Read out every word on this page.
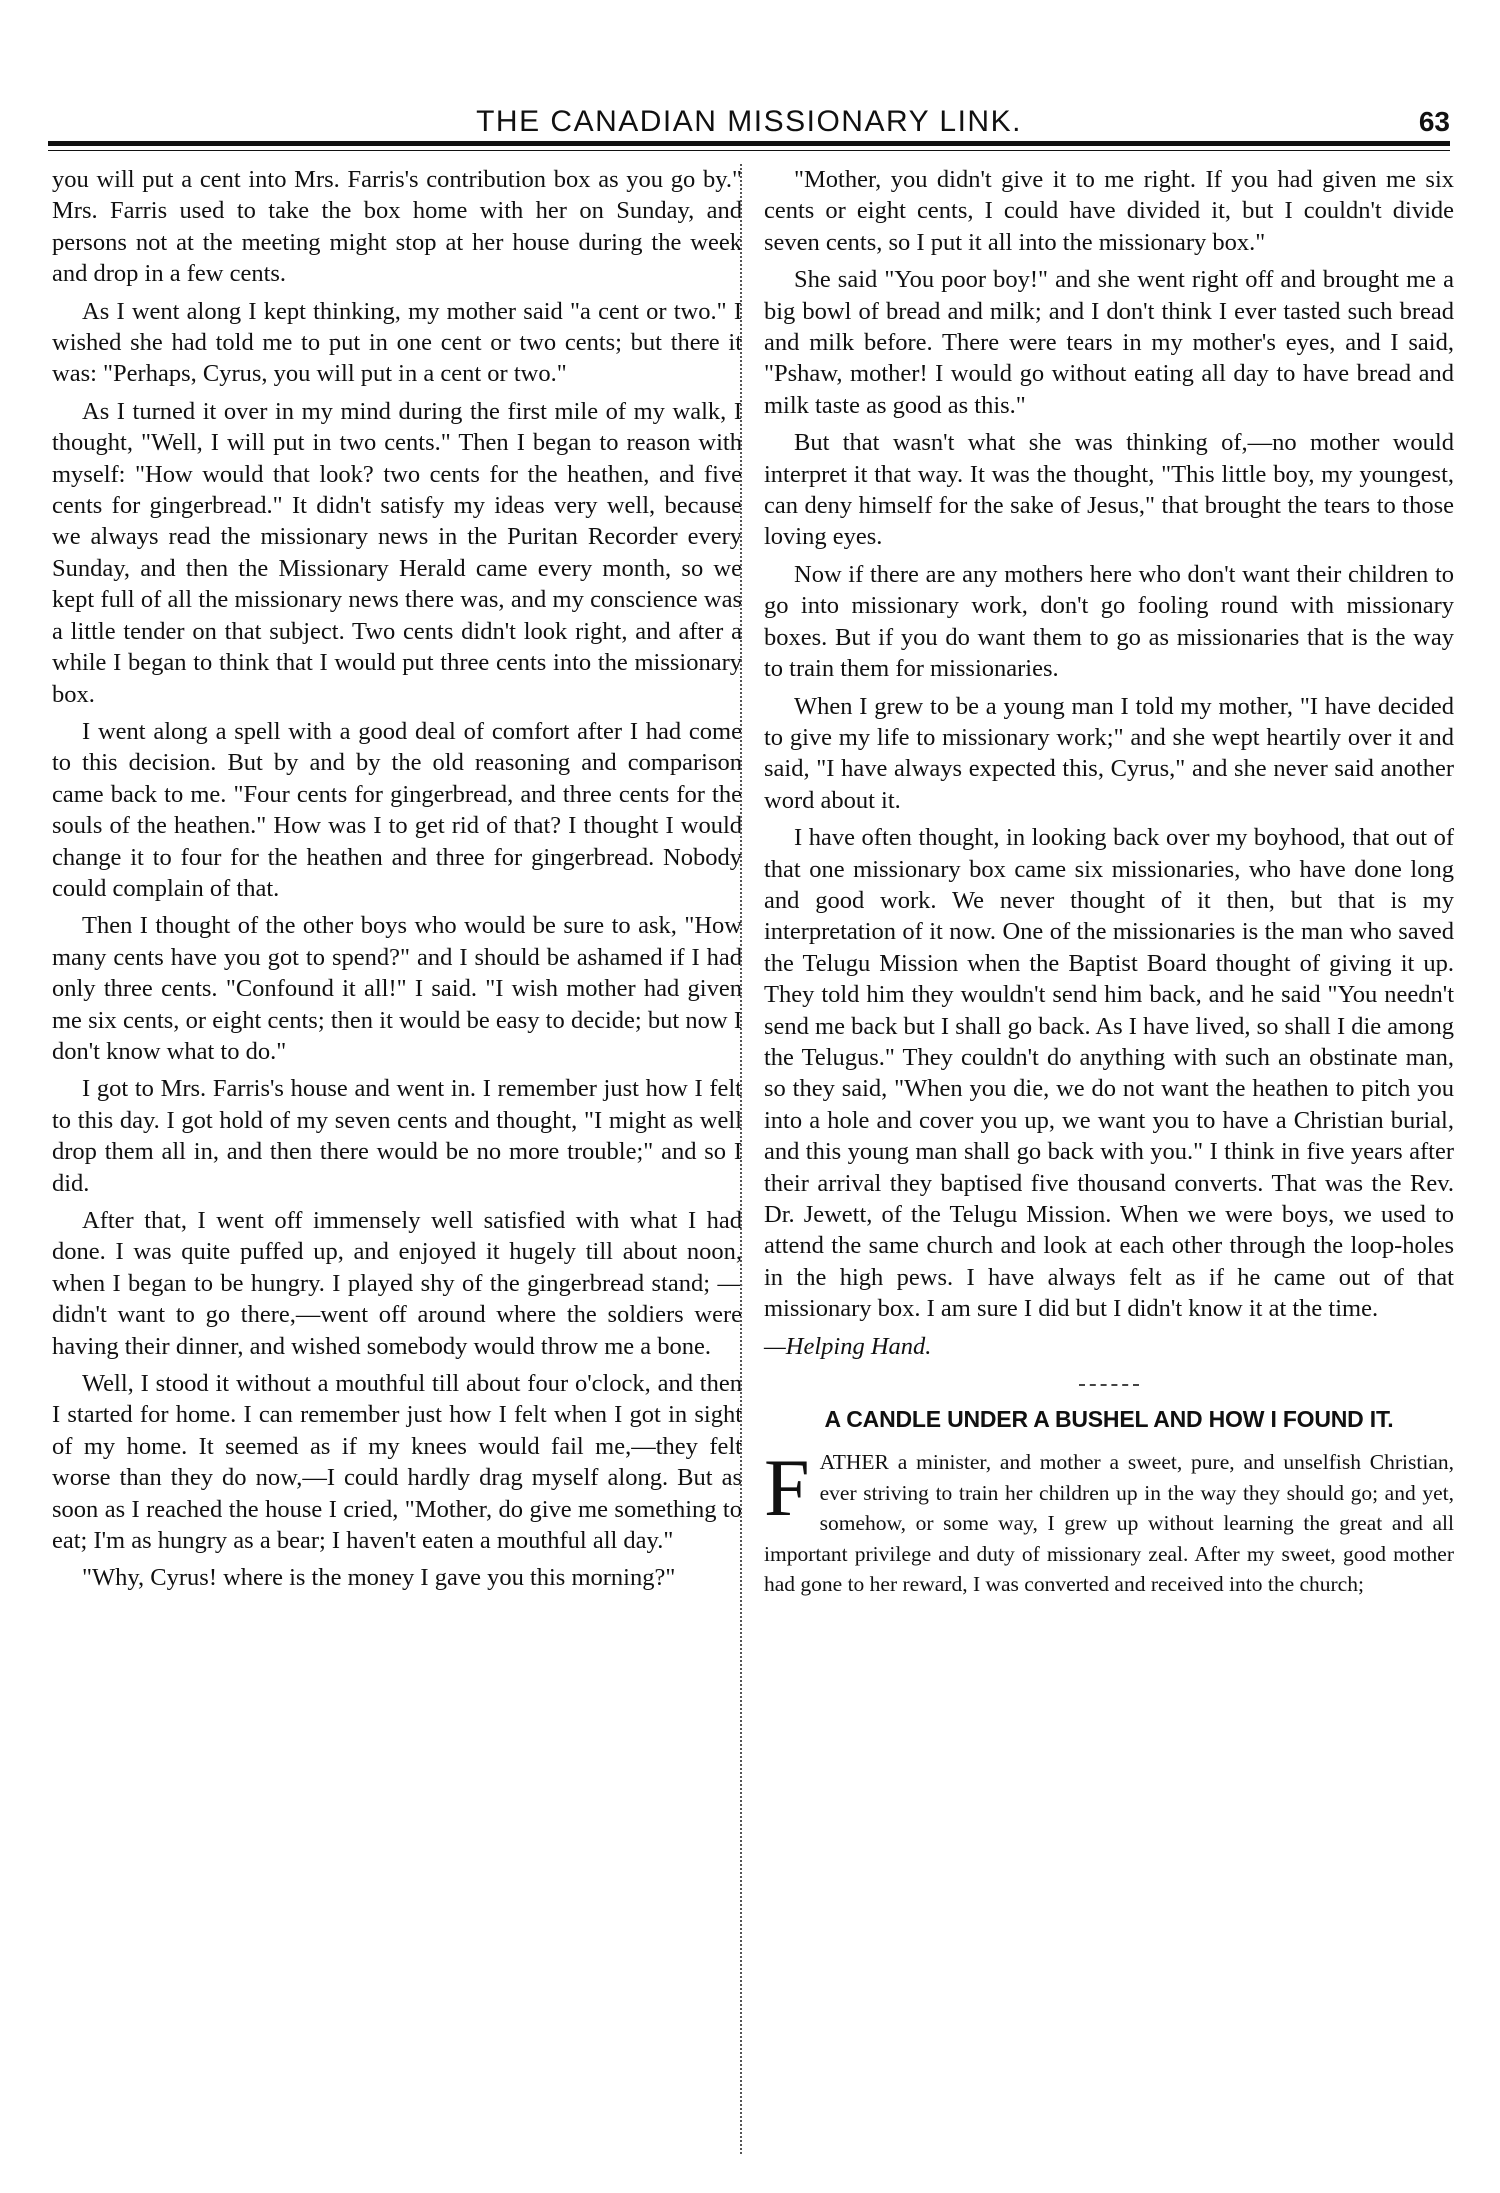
THE CANADIAN MISSIONARY LINK.	63

you will put a cent into Mrs. Farris's contribution box as you go by." Mrs. Farris used to take the box home with her on Sunday, and persons not at the meeting might stop at her house during the week and drop in a few cents.

As I went along I kept thinking, my mother said "a cent or two." I wished she had told me to put in one cent or two cents; but there it was: "Perhaps, Cyrus, you will put in a cent or two."

As I turned it over in my mind during the first mile of my walk, I thought, "Well, I will put in two cents." Then I began to reason with myself: "How would that look? two cents for the heathen, and five cents for gingerbread." It didn't satisfy my ideas very well, because we always read the missionary news in the Puritan Recorder every Sunday, and then the Missionary Herald came every month, so we kept full of all the missionary news there was, and my conscience was a little tender on that subject. Two cents didn't look right, and after a while I began to think that I would put three cents into the missionary box.

I went along a spell with a good deal of comfort after I had come to this decision. But by and by the old reasoning and comparison came back to me. "Four cents for gingerbread, and three cents for the souls of the heathen." How was I to get rid of that? I thought I would change it to four for the heathen and three for gingerbread. Nobody could complain of that.

Then I thought of the other boys who would be sure to ask, "How many cents have you got to spend?" and I should be ashamed if I had only three cents. "Confound it all!" I said. "I wish mother had given me six cents, or eight cents; then it would be easy to decide; but now I don't know what to do."

I got to Mrs. Farris's house and went in. I remember just how I felt to this day. I got hold of my seven cents and thought, "I might as well drop them all in, and then there would be no more trouble;" and so I did.

After that, I went off immensely well satisfied with what I had done. I was quite puffed up, and enjoyed it hugely till about noon, when I began to be hungry. I played shy of the gingerbread stand; —didn't want to go there,—went off around where the soldiers were having their dinner, and wished somebody would throw me a bone.

Well, I stood it without a mouthful till about four o'clock, and then I started for home. I can remember just how I felt when I got in sight of my home. It seemed as if my knees would fail me,—they felt worse than they do now,—I could hardly drag myself along. But as soon as I reached the house I cried, "Mother, do give me something to eat; I'm as hungry as a bear; I haven't eaten a mouthful all day."

"Why, Cyrus! where is the money I gave you this morning?"

"Mother, you didn't give it to me right. If you had given me six cents or eight cents, I could have divided it, but I couldn't divide seven cents, so I put it all into the missionary box."

She said "You poor boy!" and she went right off and brought me a big bowl of bread and milk; and I don't think I ever tasted such bread and milk before. There were tears in my mother's eyes, and I said, "Pshaw, mother! I would go without eating all day to have bread and milk taste as good as this."

But that wasn't what she was thinking of,—no mother would interpret it that way. It was the thought, "This little boy, my youngest, can deny himself for the sake of Jesus," that brought the tears to those loving eyes.

Now if there are any mothers here who don't want their children to go into missionary work, don't go fooling round with missionary boxes. But if you do want them to go as missionaries that is the way to train them for missionaries.

When I grew to be a young man I told my mother, "I have decided to give my life to missionary work;" and she wept heartily over it and said, "I have always expected this, Cyrus," and she never said another word about it.

I have often thought, in looking back over my boyhood, that out of that one missionary box came six missionaries, who have done long and good work. We never thought of it then, but that is my interpretation of it now. One of the missionaries is the man who saved the Telugu Mission when the Baptist Board thought of giving it up. They told him they wouldn't send him back, and he said "You needn't send me back but I shall go back. As I have lived, so shall I die among the Telugus." They couldn't do anything with such an obstinate man, so they said, "When you die, we do not want the heathen to pitch you into a hole and cover you up, we want you to have a Christian burial, and this young man shall go back with you." I think in five years after their arrival they baptised five thousand converts. That was the Rev. Dr. Jewett, of the Telugu Mission. When we were boys, we used to attend the same church and look at each other through the loop-holes in the high pews. I have always felt as if he came out of that missionary box. I am sure I did but I didn't know it at the time.

—Helping Hand.

A CANDLE UNDER A BUSHEL AND HOW I FOUND IT.

FATHER a minister, and mother a sweet, pure, and unselfish Christian, ever striving to train her children up in the way they should go; and yet, somehow, or some way, I grew up without learning the great and all important privilege and duty of missionary zeal. After my sweet, good mother had gone to her reward, I was converted and received into the church;
